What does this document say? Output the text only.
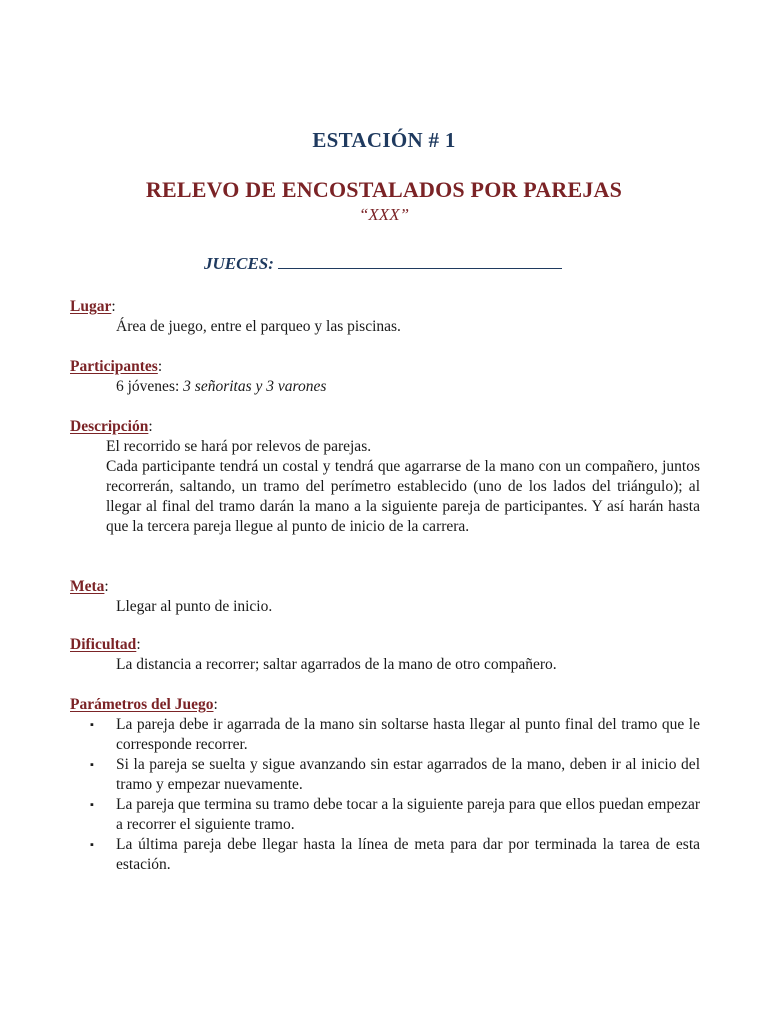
ESTACIÓN # 1
RELEVO DE ENCOSTALADOS POR PAREJAS
“XXX”
JUECES:
Lugar:
Área de juego, entre el parqueo y las piscinas.
Participantes:
6 jóvenes: 3 señoritas y 3 varones
Descripción:
El recorrido se hará por relevos de parejas.
Cada participante tendrá un costal y tendrá que agarrarse de la mano con un compañero, juntos recorrerán, saltando, un tramo del perímetro establecido (uno de los lados del triángulo); al llegar al final del tramo darán la mano a la siguiente pareja de participantes. Y así harán hasta que la tercera pareja llegue al punto de inicio de la carrera.
Meta:
Llegar al punto de inicio.
Dificultad:
La distancia a recorrer; saltar agarrados de la mano de otro compañero.
Parámetros del Juego:
▪ La pareja debe ir agarrada de la mano sin soltarse hasta llegar al punto final del tramo que le corresponde recorrer.
▪ Si la pareja se suelta y sigue avanzando sin estar agarrados de la mano, deben ir al inicio del tramo y empezar nuevamente.
▪ La pareja que termina su tramo debe tocar a la siguiente pareja para que ellos puedan empezar a recorrer el siguiente tramo.
▪ La última pareja debe llegar hasta la línea de meta para dar por terminada la tarea de esta estación.
